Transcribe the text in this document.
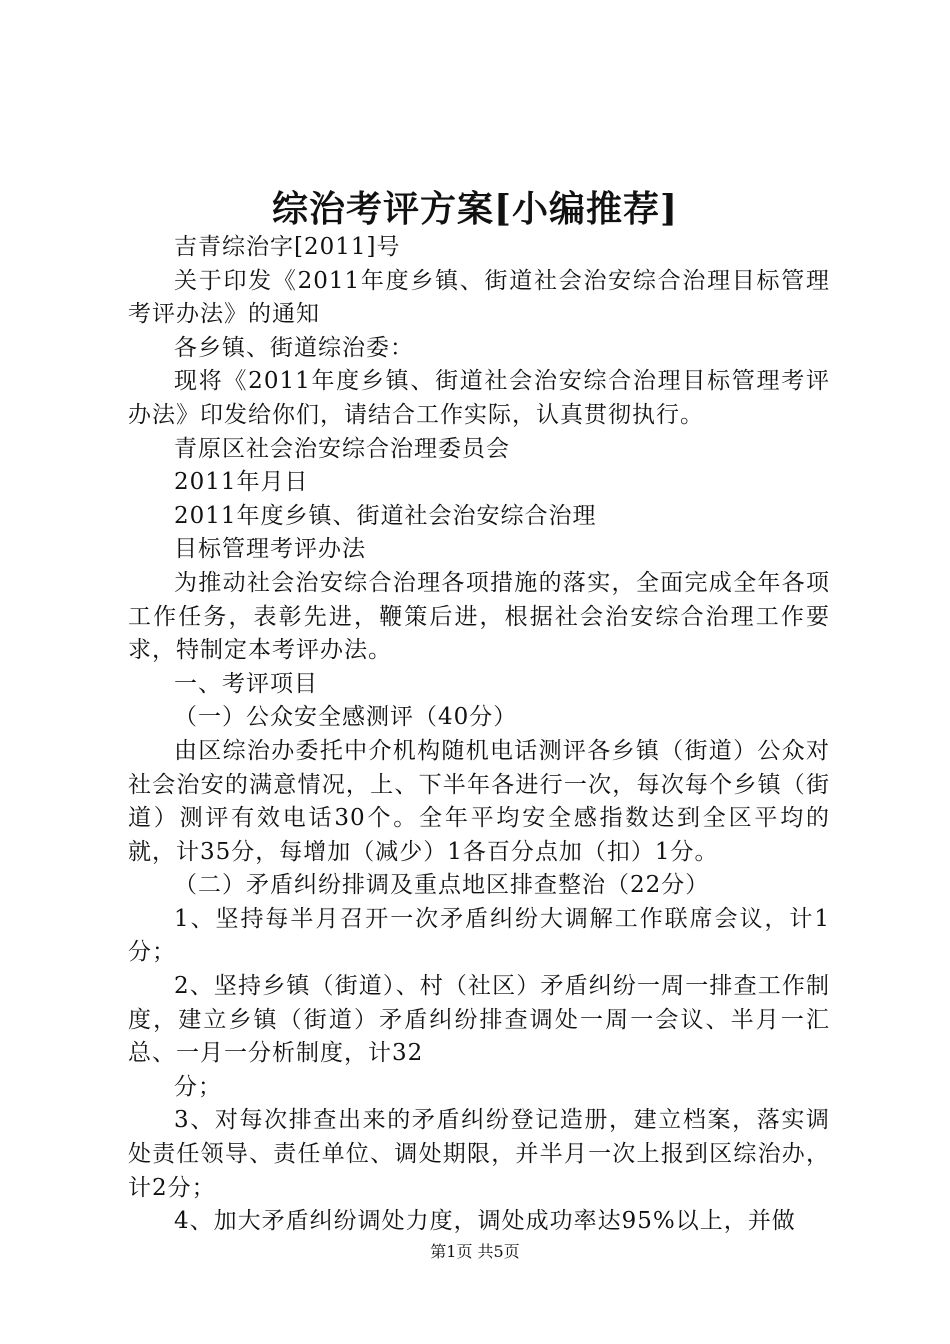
综治考评方案[小编推荐]

吉青综治字[2011]号

关于印发《2011年度乡镇、街道社会治安综合治理目标管理考评办法》的通知

各乡镇、街道综治委：

现将《2011年度乡镇、街道社会治安综合治理目标管理考评办法》印发给你们，请结合工作实际，认真贯彻执行。

青原区社会治安综合治理委员会

2011年月日

2011年度乡镇、街道社会治安综合治理

目标管理考评办法

为推动社会治安综合治理各项措施的落实，全面完成全年各项工作任务，表彰先进，鞭策后进，根据社会治安综合治理工作要求，特制定本考评办法。

一、考评项目

（一）公众安全感测评（40分）

由区综治办委托中介机构随机电话测评各乡镇（街道）公众对社会治安的满意情况，上、下半年各进行一次，每次每个乡镇（街道）测评有效电话30个。全年平均安全感指数达到全区平均的就，计35分，每增加（减少）1各百分点加（扣）1分。

（二）矛盾纠纷排调及重点地区排查整治（22分）

1、坚持每半月召开一次矛盾纠纷大调解工作联席会议，计1分；

2、坚持乡镇（街道）、村（社区）矛盾纠纷一周一排查工作制度，建立乡镇（街道）矛盾纠纷排查调处一周一会议、半月一汇总、一月一分析制度，计32

分；

3、对每次排查出来的矛盾纠纷登记造册，建立档案，落实调处责任领导、责任单位、调处期限，并半月一次上报到区综治办，计2分；

4、加大矛盾纠纷调处力度，调处成功率达95%以上，并做

第1页 共5页
